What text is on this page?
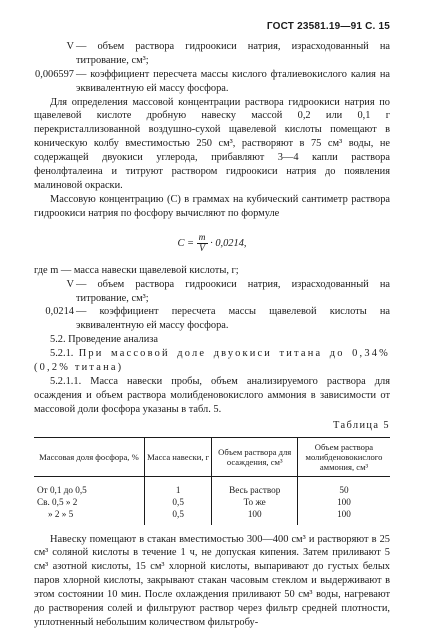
ГОСТ 23581.19—91 С. 15
V — объем раствора гидроокиси натрия, израсходованный на титрование, см³;
0,006597 — коэффициент пересчета массы кислого фталиевокислого калия на эквивалентную ей массу фосфора.

Для определения массовой концентрации раствора гидроокиси натрия по щавелевой кислоте дробную навеску массой 0,2 или 0,1 г перекристаллизованной воздушно-сухой щавелевой кислоты помещают в коническую колбу вместимостью 250 см³, растворяют в 75 см³ воды, не содержащей двуокиси углерода, прибавляют 3—4 капли раствора фенолфталеина и титруют раствором гидроокиси натрия до появления малиновой окраски.

Массовую концентрацию (C) в граммах на кубический сантиметр раствора гидроокиси натрия по фосфору вычисляют по формуле

$C = \frac{m}{V} \cdot 0,0214$,

где m — масса навески щавелевой кислоты, г;

V — объем раствора гидроокиси натрия, израсходованный на титрование, см³;
0,0214 — коэффициент пересчета массы щавелевой кислоты на эквивалентную ей массу фосфора.

5.2. Проведение анализа

5.2.1. При массовой доле двуокиси титана до 0,34% (0,2% титана)

5.2.1.1. Масса навески пробы, объем анализируемого раствора для осаждения и объем раствора молибденовокислого аммония в зависимости от массовой доли фосфора указаны в табл. 5.

Таблица 5
Массовая доля фосфора, %	Масса навески, г	Объем раствора для осаждения, см³	Объем раствора молибденовокислого аммония, см³
От 0,1 до 0,5	1	Весь раствор	50
Св. 0,5 » 2	0,5	То же	100
» 2 » 5	0,5	100	100

Навеску помещают в стакан вместимостью 300—400 см³ и растворяют в 25 см³ соляной кислоты в течение 1 ч, не допуская кипения. Затем приливают 5 см³ азотной кислоты, 15 см³ хлорной кислоты, выпаривают до густых белых паров хлорной кислоты, закрывают стакан часовым стеклом и выдерживают в этом состоянии 10 мин. После охлаждения приливают 50 см³ воды, нагревают до растворения солей и фильтруют раствор через фильтр средней плотности, уплотненный небольшим количеством фильтробу-
